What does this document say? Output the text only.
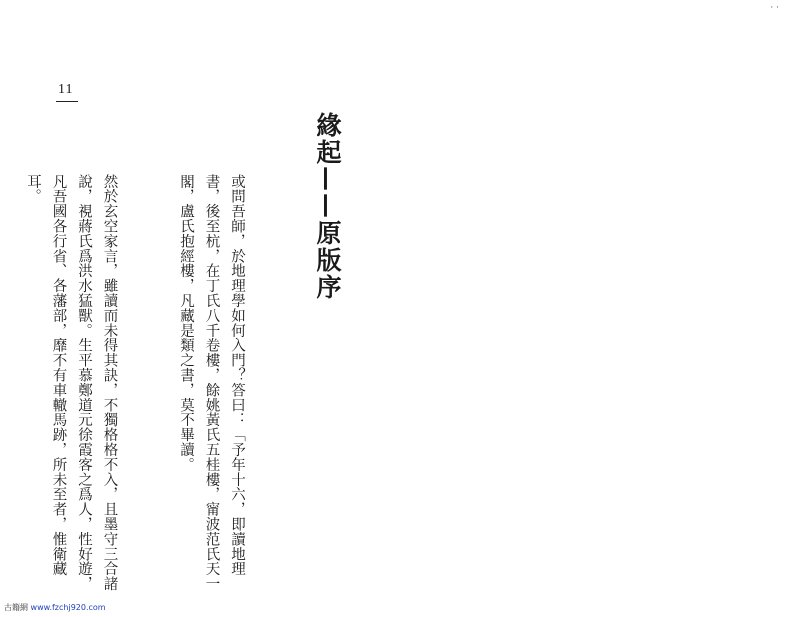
11
緣起——原版序

或問吾師，於地理學如何入門？答曰：「予年十六，即讀地理書，後至杭，在丁氏八千卷樓，餘姚黃氏五桂樓，甯波范氏天一閣，盧氏抱經樓，凡藏是類之書，莫不畢讀。

然於玄空家言，雖讀而未得其訣，不獨格格不入，且墨守三合諸說，視蔣氏爲洪水猛獸。生平慕鄭道元徐霞客之爲人，性好遊，凡吾國各行省、各藩部，靡不有車轍馬跡，所未至者，惟衛藏耳。

古籍網 www.fzchj920.com
· ·
